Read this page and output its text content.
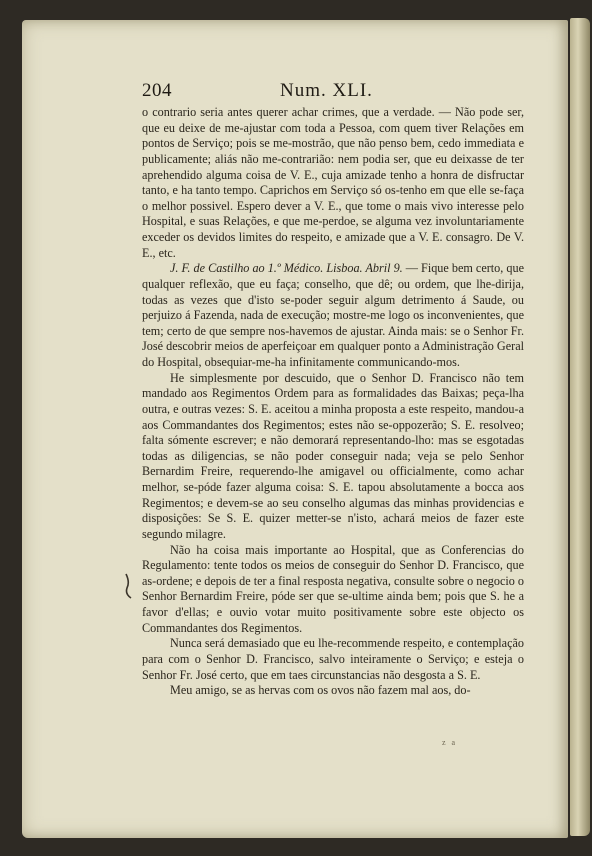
204	Num. XLI.

o contrario seria antes querer achar crimes, que a verdade. — Não pode ser, que eu deixe de me-ajustar com toda a Pessoa, com quem tiver Relações em pontos de Serviço; pois se me-mostrão, que não penso bem, cedo immediata e publicamente; aliás não me-contrarião: nem podia ser, que eu deixasse de ter aprehendido alguma coisa de V. E., cuja amizade tenho a honra de disfructar tanto, e ha tanto tempo. Caprichos em Serviço só os-tenho em que elle se-faça o melhor possivel. Espero dever a V. E., que tome o mais vivo interesse pelo Hospital, e suas Relações, e que me-perdoe, se alguma vez involuntariamente exceder os devidos limites do respeito, e amizade que a V. E. consagro. De V. E., etc.

J. F. de Castilho ao 1.º Médico. Lisboa. Abril 9. — Fique bem certo, que qualquer reflexão, que eu faça; conselho, que dê; ou ordem, que lhe-dirija, todas as vezes que d'isto se-poder seguir algum detrimento á Saude, ou perjuizo á Fazenda, nada de execução; mostre-me logo os inconvenientes, que tem; certo de que sempre nos-havemos de ajustar. Ainda mais: se o Senhor Fr. José descobrir meios de aperfeiçoar em qualquer ponto a Administração Geral do Hospital, obsequiar-me-ha infinitamente communicando-mos.

He simplesmente por descuido, que o Senhor D. Francisco não tem mandado aos Regimentos Ordem para as formalidades das Baixas; peça-lha outra, e outras vezes: S. E. aceitou a minha proposta a este respeito, mandou-a aos Commandantes dos Regimentos; estes não se-oppozerão; S. E. resolveo; falta sómente escrever; e não demorará representando-lho: mas se esgotadas todas as diligencias, se não poder conseguir nada; veja se pelo Senhor Bernardim Freire, requerendo-lhe amigavel ou officialmente, como achar melhor, se-póde fazer alguma coisa: S. E. tapou absolutamente a bocca aos Regimentos; e devem-se ao seu conselho algumas das minhas providencias e disposições: Se S. E. quizer metter-se n'isto, achará meios de fazer este segundo milagre.

Não ha coisa mais importante ao Hospital, que as Conferencias do Regulamento: tente todos os meios de conseguir do Senhor D. Francisco, que as-ordene; e depois de ter a final resposta negativa, consulte sobre o negocio o Senhor Bernardim Freire, póde ser que se-ultime ainda bem; pois que S. he a favor d'ellas; e ouvio votar muito positivamente sobre este objecto os Commandantes dos Regimentos.

Nunca será demasiado que eu lhe-recommende respeito, e contemplação para com o Senhor D. Francisco, salvo inteiramente o Serviço; e esteja o Senhor Fr. José certo, que em taes circunstancias não desgosta a S. E.

Meu amigo, se as hervas com os ovos não fazem mal aos, do-

z a
